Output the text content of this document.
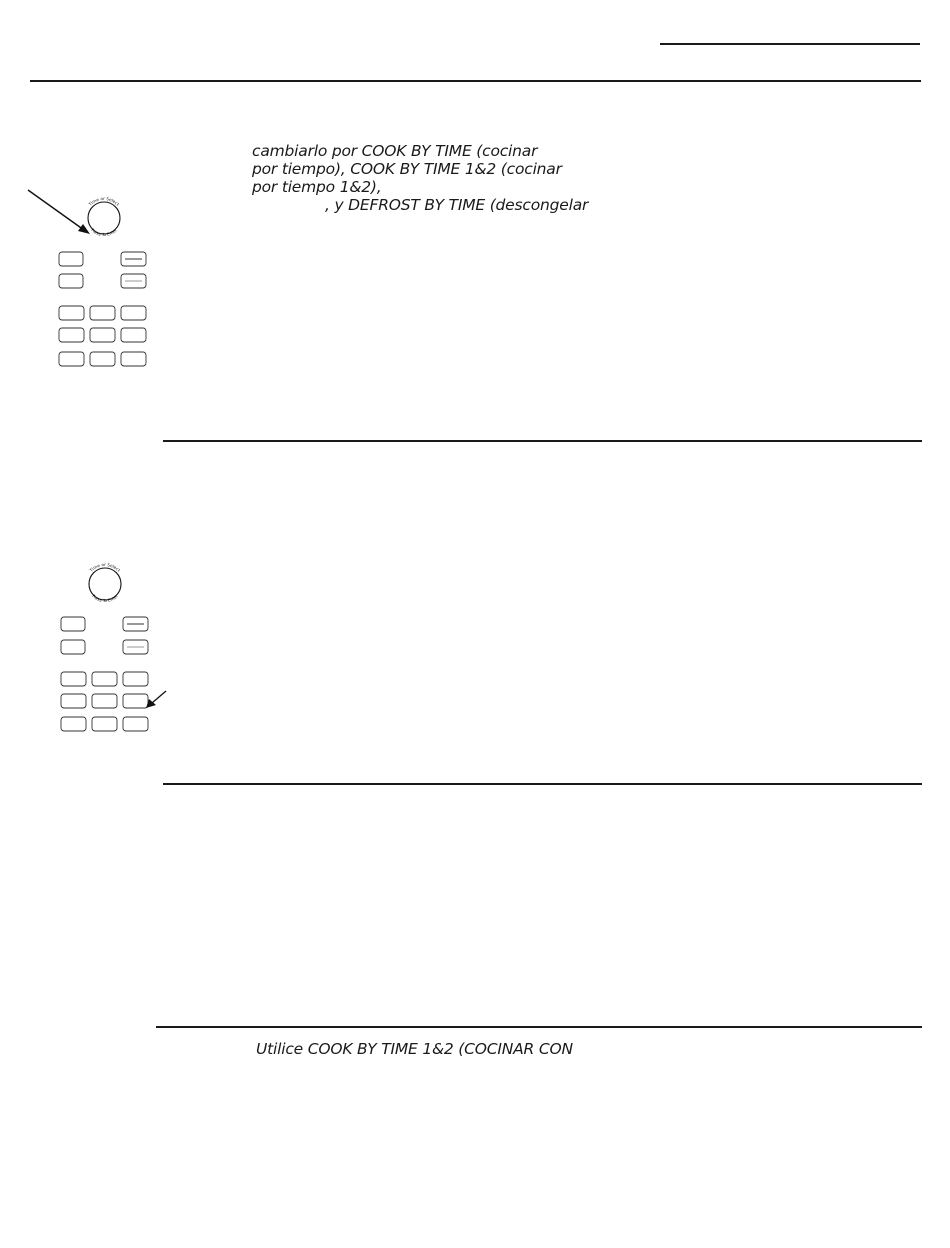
cambiarlo por COOK BY TIME (cocinar
por tiempo), COOK BY TIME 1&2 (cocinar
por tiempo 1&2),
, y DEFROST BY TIME (descongelar
Time or Select
Press To Enter
Time or Select
Press To Enter
Utilice COOK BY TIME 1&2 (COCINAR CON
